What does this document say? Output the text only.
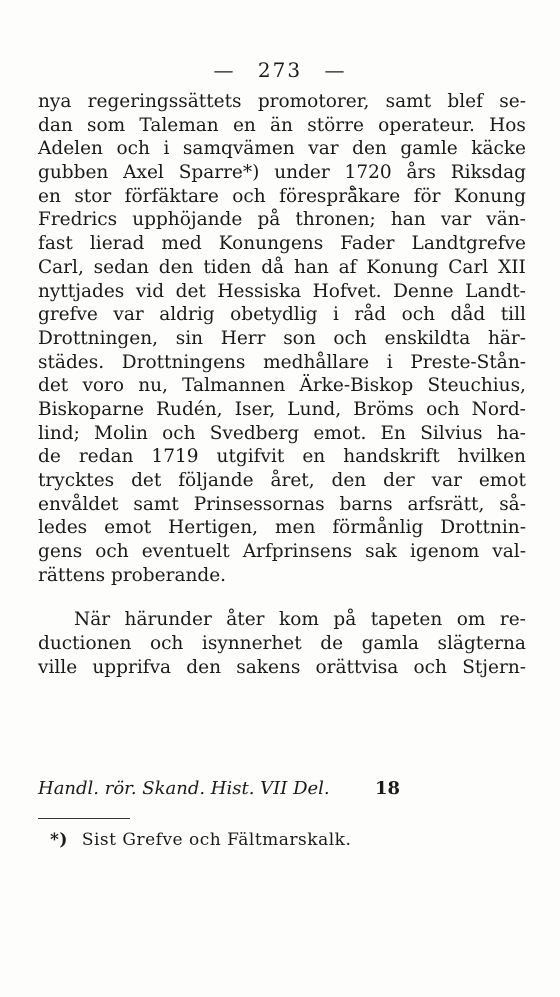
— 273 —
nya regeringssättets promotorer, samt blef se-
dan som Taleman en än större operateur. Hos
Adelen och i samqvämen var den gamle käcke
gubben Axel Sparre*) under 1720 års Riksdag
en stor förfäktare och föresprå̈kare för Konung
Fredrics upphöjande på thronen; han var vän-
fast lierad med Konungens Fader Landtgrefve
Carl, sedan den tiden då han af Konung Carl XII
nyttjades vid det Hessiska Hofvet. Denne Landt-
grefve var aldrig obetydlig i råd och dåd till
Drottningen, sin Herr son och enskildta här-
städes. Drottningens medhållare i Preste-Stån-
det voro nu, Talmannen Ärke-Biskop Steuchius,
Biskoparne Rudén, Iser, Lund, Bröms och Nord-
lind; Molin och Svedberg emot. En Silvius ha-
de redan 1719 utgifvit en handskrift hvilken
trycktes det följande året, den der var emot
envåldet samt Prinsessornas barns arfsrätt, så-
ledes emot Hertigen, men förmånlig Drottnin-
gens och eventuelt Arfprinsens sak igenom val-
rättens proberande.
När härunder åter kom på tapeten om re-
ductionen och isynnerhet de gamla slägterna
ville upprifva den sakens orättvisa och Stjern-
Handl. rör. Skand. Hist. VII Del.	18
*) Sist Grefve och Fältmarskalk.
